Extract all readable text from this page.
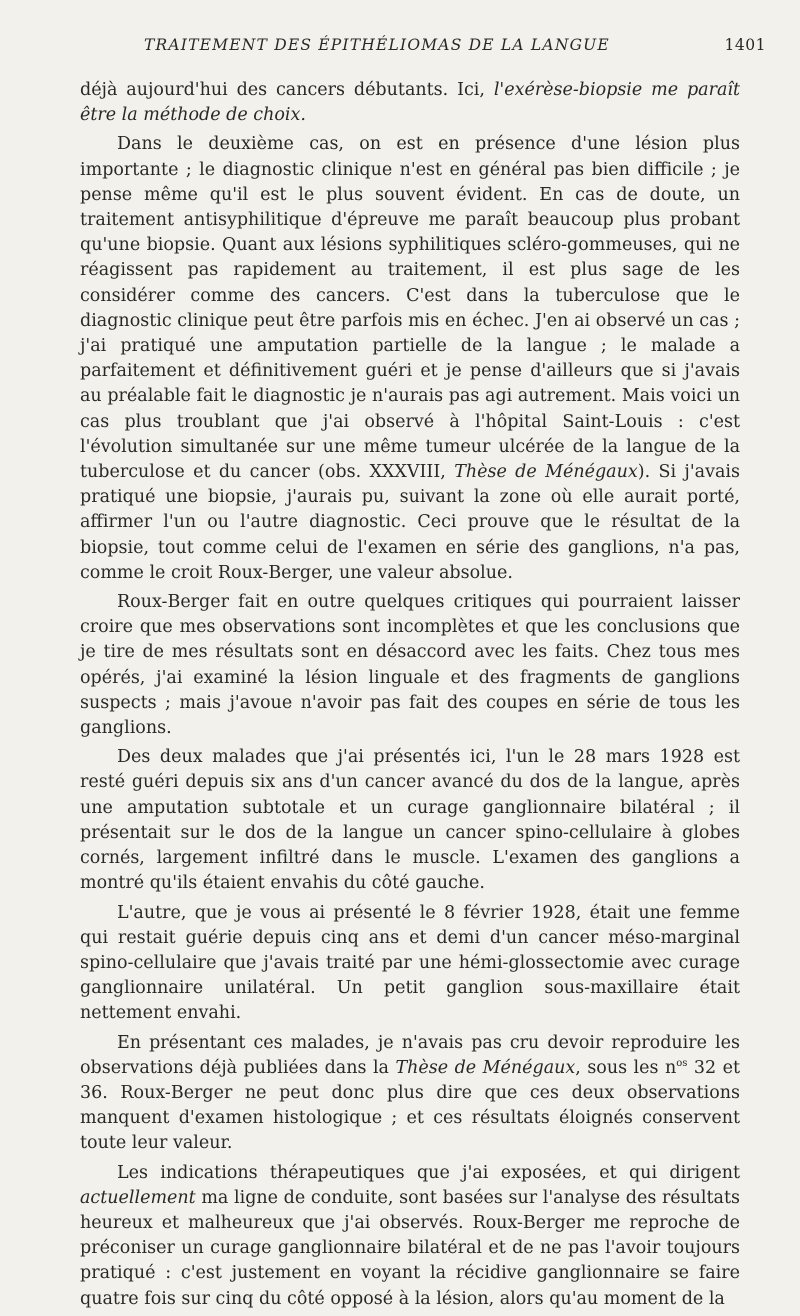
TRAITEMENT DES ÉPITHÉLIOMAS DE LA LANGUE	1401

déjà aujourd'hui des cancers débutants. Ici, l'exérèse-biopsie me paraît être la méthode de choix.

Dans le deuxième cas, on est en présence d'une lésion plus importante ; le diagnostic clinique n'est en général pas bien difficile ; je pense même qu'il est le plus souvent évident. En cas de doute, un traitement antisyphilitique d'épreuve me paraît beaucoup plus probant qu'une biopsie. Quant aux lésions syphilitiques scléro-gommeuses, qui ne réagissent pas rapidement au traitement, il est plus sage de les considérer comme des cancers. C'est dans la tuberculose que le diagnostic clinique peut être parfois mis en échec. J'en ai observé un cas ; j'ai pratiqué une amputation partielle de la langue ; le malade a parfaitement et définitivement guéri et je pense d'ailleurs que si j'avais au préalable fait le diagnostic je n'aurais pas agi autrement. Mais voici un cas plus troublant que j'ai observé à l'hôpital Saint-Louis : c'est l'évolution simultanée sur une même tumeur ulcérée de la langue de la tuberculose et du cancer (obs. XXXVIII, Thèse de Ménégaux). Si j'avais pratiqué une biopsie, j'aurais pu, suivant la zone où elle aurait porté, affirmer l'un ou l'autre diagnostic. Ceci prouve que le résultat de la biopsie, tout comme celui de l'examen en série des ganglions, n'a pas, comme le croit Roux-Berger, une valeur absolue.

Roux-Berger fait en outre quelques critiques qui pourraient laisser croire que mes observations sont incomplètes et que les conclusions que je tire de mes résultats sont en désaccord avec les faits. Chez tous mes opérés, j'ai examiné la lésion linguale et des fragments de ganglions suspects ; mais j'avoue n'avoir pas fait des coupes en série de tous les ganglions.

Des deux malades que j'ai présentés ici, l'un le 28 mars 1928 est resté guéri depuis six ans d'un cancer avancé du dos de la langue, après une amputation subtotale et un curage ganglionnaire bilatéral ; il présentait sur le dos de la langue un cancer spino-cellulaire à globes cornés, largement infiltré dans le muscle. L'examen des ganglions a montré qu'ils étaient envahis du côté gauche.

L'autre, que je vous ai présenté le 8 février 1928, était une femme qui restait guérie depuis cinq ans et demi d'un cancer méso-marginal spino-cellulaire que j'avais traité par une hémi-glossectomie avec curage ganglionnaire unilatéral. Un petit ganglion sous-maxillaire était nettement envahi.

En présentant ces malades, je n'avais pas cru devoir reproduire les observations déjà publiées dans la Thèse de Ménégaux, sous les $n^{os}$ 32 et 36. Roux-Berger ne peut donc plus dire que ces deux observations manquent d'examen histologique ; et ces résultats éloignés conservent toute leur valeur.

Les indications thérapeutiques que j'ai exposées, et qui dirigent actuellement ma ligne de conduite, sont basées sur l'analyse des résultats heureux et malheureux que j'ai observés. Roux-Berger me reproche de préconiser un curage ganglionnaire bilatéral et de ne pas l'avoir toujours pratiqué : c'est justement en voyant la récidive ganglionnaire se faire quatre fois sur cinq du côté opposé à la lésion, alors qu'au moment de la
